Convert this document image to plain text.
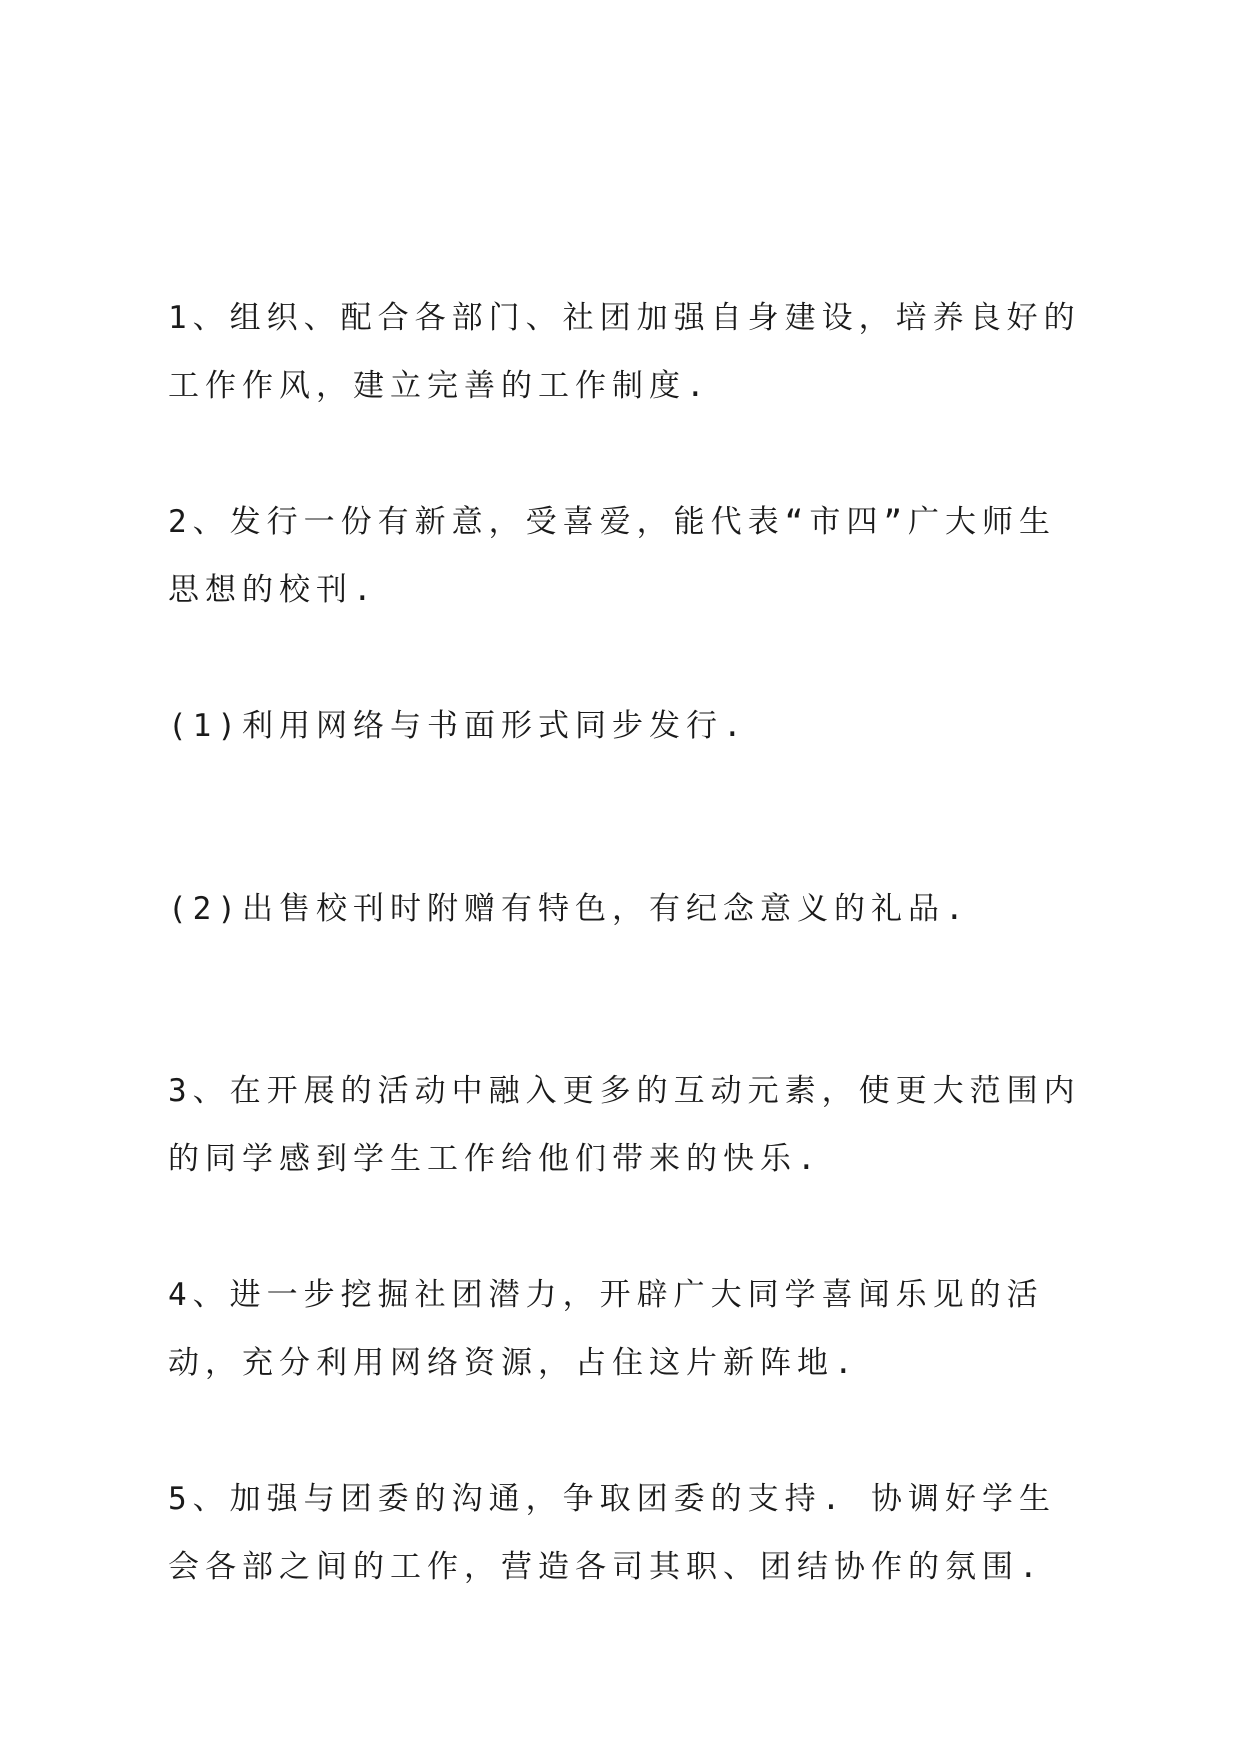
1、组织、配合各部门、社团加强自身建设，培养良好的工作作风，建立完善的工作制度.

2、发行一份有新意，受喜爱，能代表“市四”广大师生思想的校刊.

(1)利用网络与书面形式同步发行.

(2)出售校刊时附赠有特色，有纪念意义的礼品.

3、在开展的活动中融入更多的互动元素，使更大范围内的同学感到学生工作给他们带来的快乐.

4、进一步挖掘社团潜力，开辟广大同学喜闻乐见的活动，充分利用网络资源，占住这片新阵地.

5、加强与团委的沟通，争取团委的支持. 协调好学生会各部之间的工作，营造各司其职、团结协作的氛围.
